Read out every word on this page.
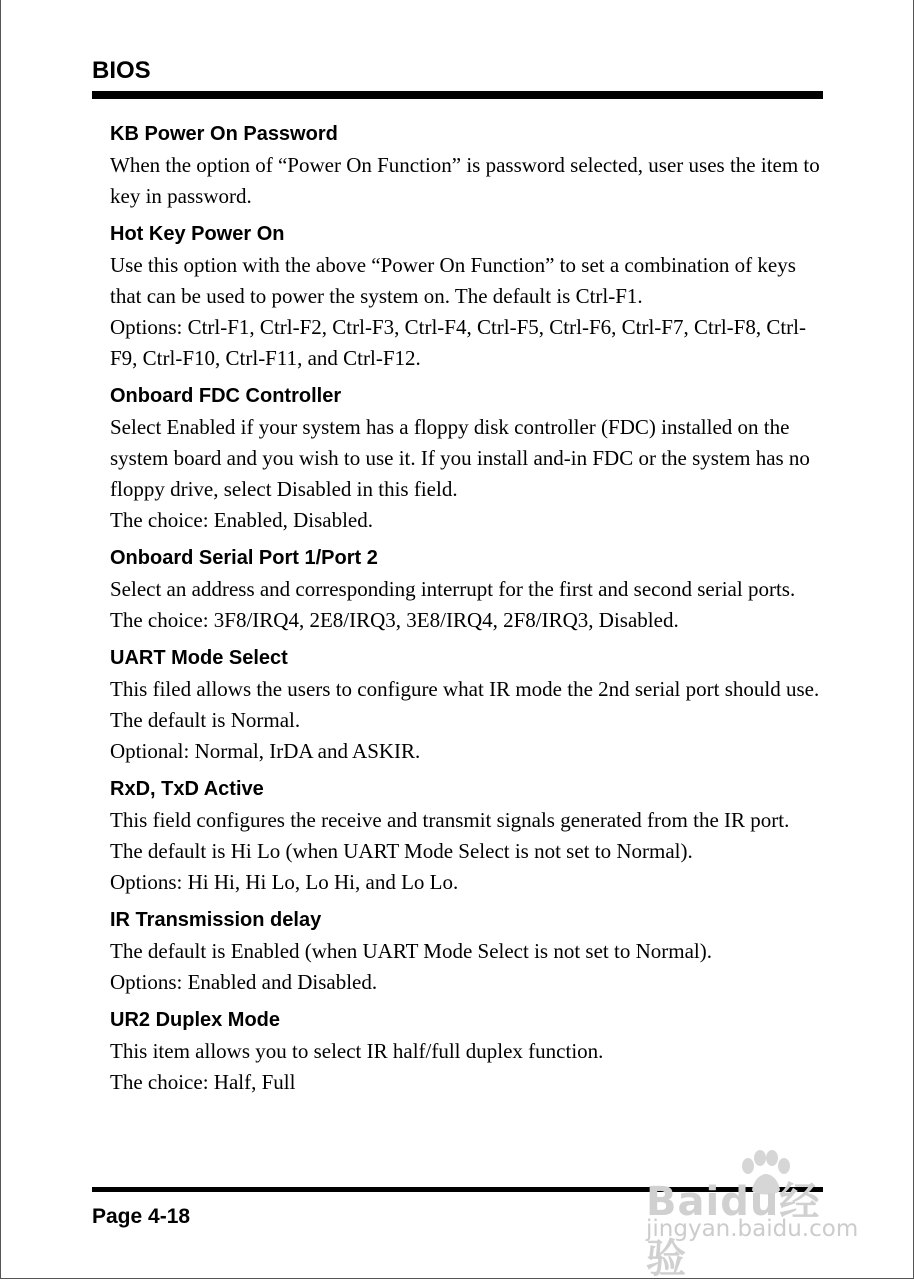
BIOS
KB Power On Password

When the option of “Power On Function” is password selected, user uses the item to key in password.

Hot Key Power On

Use this option with the above “Power On Function” to set a combination of keys that can be used to power the system on. The default is Ctrl-F1.

Options: Ctrl-F1, Ctrl-F2, Ctrl-F3, Ctrl-F4, Ctrl-F5, Ctrl-F6, Ctrl-F7, Ctrl-F8, Ctrl-F9, Ctrl-F10, Ctrl-F11, and Ctrl-F12.

Onboard FDC Controller

Select Enabled if your system has a floppy disk controller (FDC) installed on the system board and you wish to use it. If you install and-in FDC or the system has no floppy drive, select Disabled in this field.

The choice: Enabled, Disabled.

Onboard Serial Port 1/Port 2

Select an address and corresponding interrupt for the first and second serial ports.

The choice: 3F8/IRQ4, 2E8/IRQ3, 3E8/IRQ4, 2F8/IRQ3, Disabled.

UART Mode Select

This filed allows the users to configure what IR mode the 2nd serial port should use. The default is Normal.

Optional: Normal, IrDA and ASKIR.

RxD, TxD Active

This field configures the receive and transmit signals generated from the IR port.

The default is Hi Lo (when UART Mode Select is not set to Normal).

Options: Hi Hi, Hi Lo, Lo Hi, and Lo Lo.

IR Transmission delay

The default is Enabled (when UART Mode Select is not set to Normal).

Options: Enabled and Disabled.

UR2 Duplex Mode

This item allows you to select IR half/full duplex function.

The choice: Half, Full

Page 4-18	Baidu经验
jingyan.baidu.com
